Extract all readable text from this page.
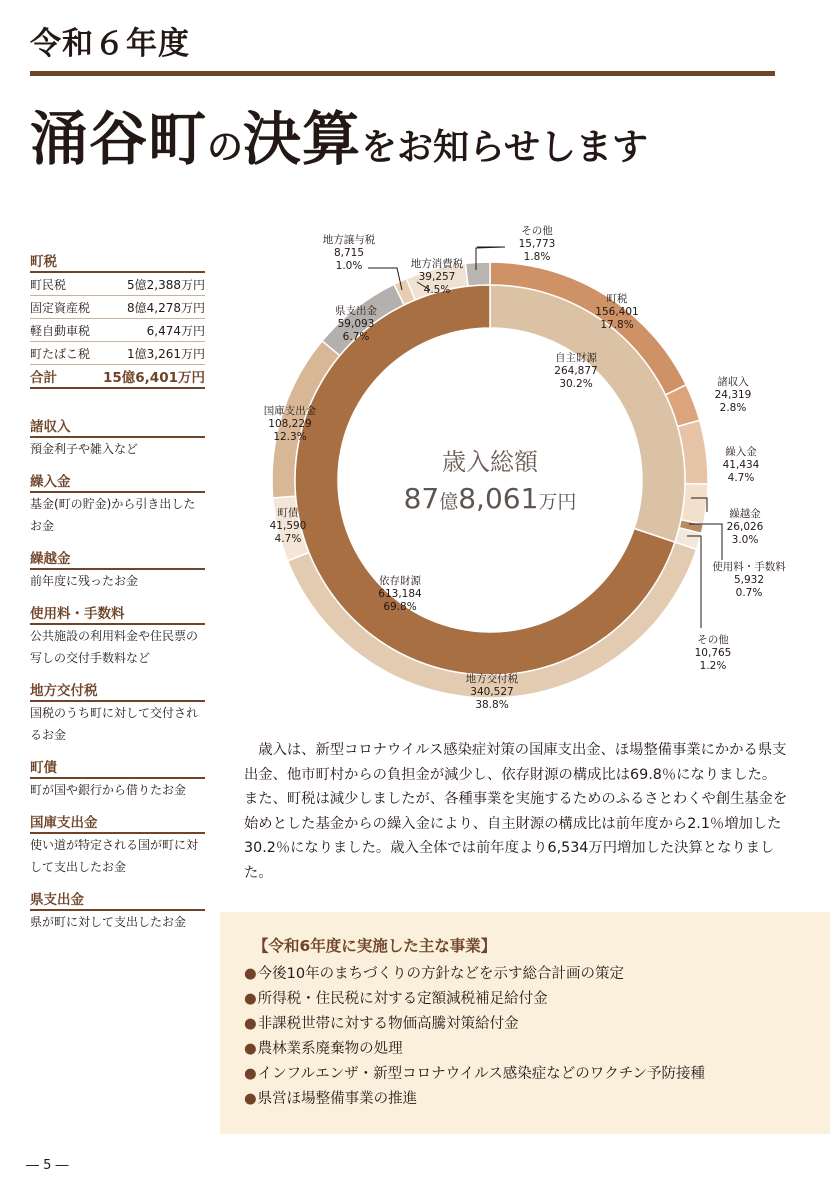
令和６年度
涌谷町の決算をお知らせします
町税
町民税	5億2,388万円
固定資産税	8億4,278万円
軽自動車税	6,474万円
町たばこ税	1億3,261万円
合計	15億6,401万円
諸収入
預金利子や雑入など
繰入金
基金(町の貯金)から引き出したお金
繰越金
前年度に残ったお金
使用料・手数料
公共施設の利用料金や住民票の写しの交付手数料など
地方交付税
国税のうち町に対して交付されるお金
町債
町が国や銀行から借りたお金
国庫支出金
使い道が特定される国が町に対して支出したお金
県支出金
県が町に対して支出したお金
町税
156,401
17.8%
諸収入
24,319
2.8%
繰入金
41,434
4.7%
繰越金
26,026
3.0%
使用料・手数料
5,932
0.7%
その他
10,765
1.2%
地方交付税
340,527
38.8%
町債
41,590
4.7%
国庫支出金
108,229
12.3%
県支出金
59,093
6.7%
地方譲与税
8,715
1.0%	地方消費税
39,257
4.5%
その他
15,773
1.8%
自主財源
264,877
30.2%
依存財源
613,184
69.8%
歳入総額
87億8,061万円
歳入は、新型コロナウイルス感染症対策の国庫支出金、ほ場整備事業にかかる県支出金、他市町村からの負担金が減少し、依存財源の構成比は69.8％になりました。また、町税は減少しましたが、各種事業を実施するためのふるさとわくや創生基金を始めとした基金からの繰入金により、自主財源の構成比は前年度から2.1％増加した30.2％になりました。歳入全体では前年度より6,534万円増加した決算となりました。
【令和6年度に実施した主な事業】
●今後10年のまちづくりの方針などを示す総合計画の策定
●所得税・住民税に対する定額減税補足給付金
●非課税世帯に対する物価高騰対策給付金
●農林業系廃棄物の処理
●インフルエンザ・新型コロナウイルス感染症などのワクチン予防接種
●県営ほ場整備事業の推進
― 5 ―
